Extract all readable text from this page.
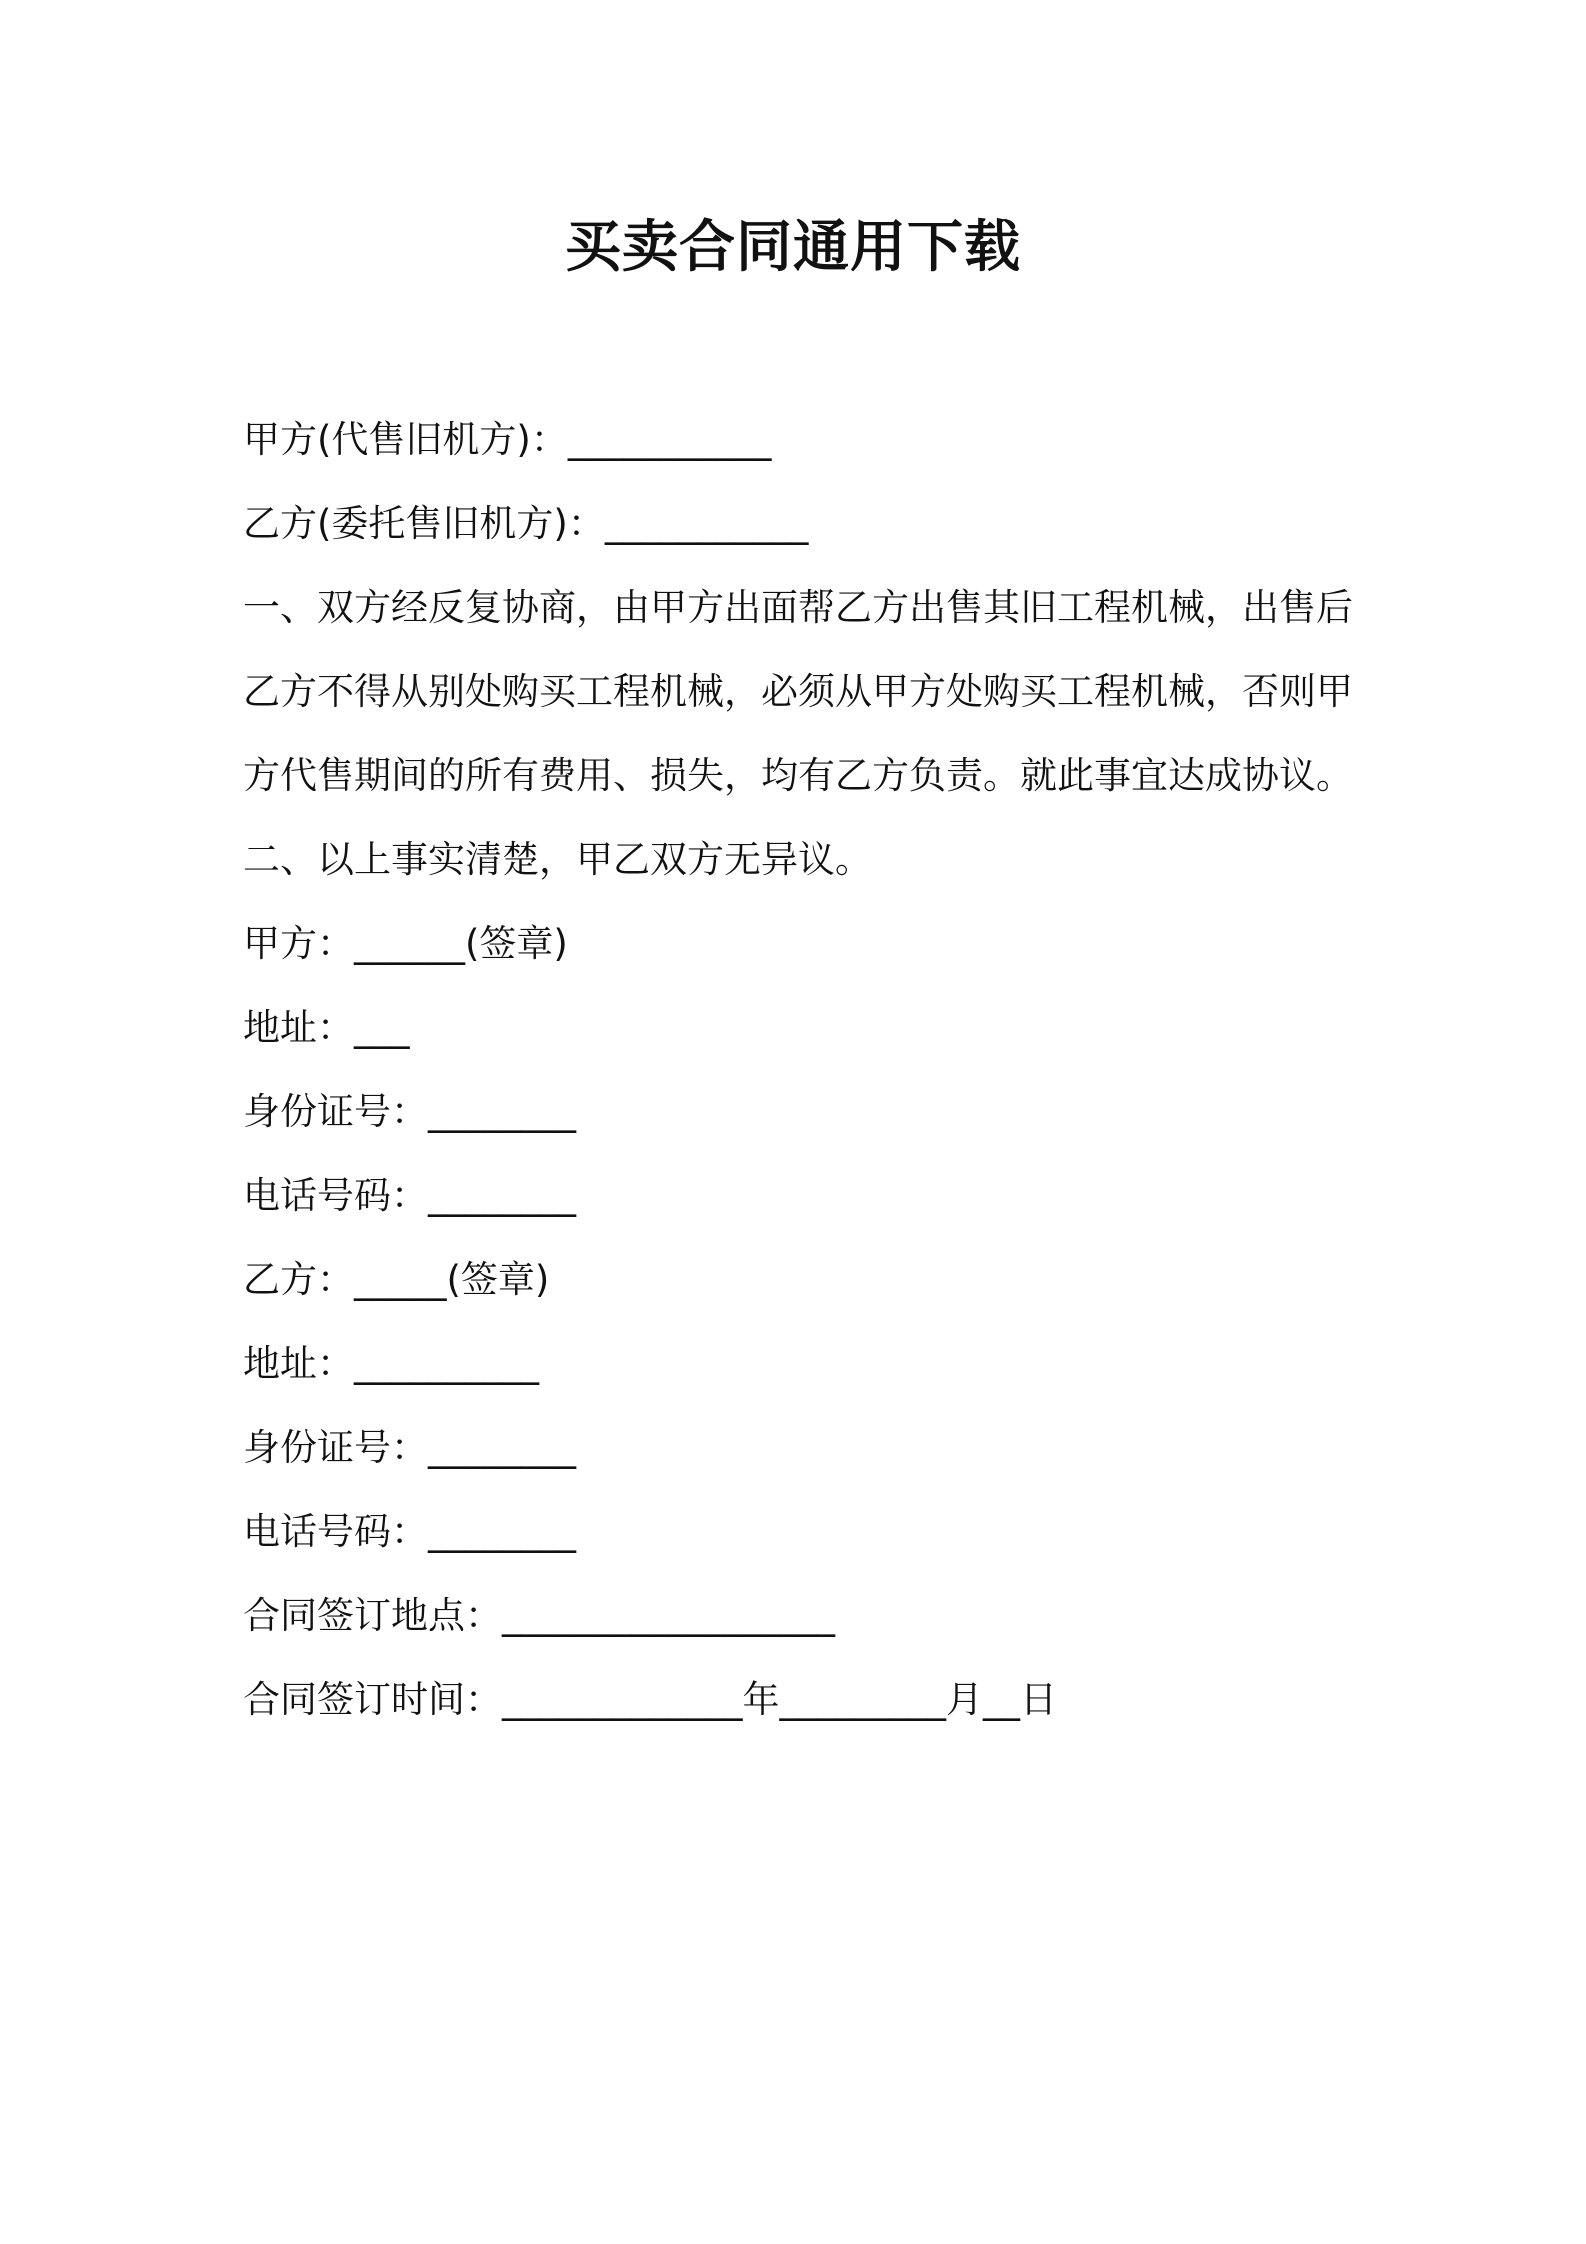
买卖合同通用下载
甲方(代售旧机方)：___________
乙方(委托售旧机方)：___________
一、双方经反复协商，由甲方出面帮乙方出售其旧工程机械，出售后
乙方不得从别处购买工程机械，必须从甲方处购买工程机械，否则甲
方代售期间的所有费用、损失，均有乙方负责。就此事宜达成协议。
二、以上事实清楚，甲乙双方无异议。
甲方：______(签章)
地址：___
身份证号：________
电话号码：________
乙方：_____(签章)
地址：__________
身份证号：________
电话号码：________
合同签订地点：__________________
合同签订时间：_____________年_________月__日
